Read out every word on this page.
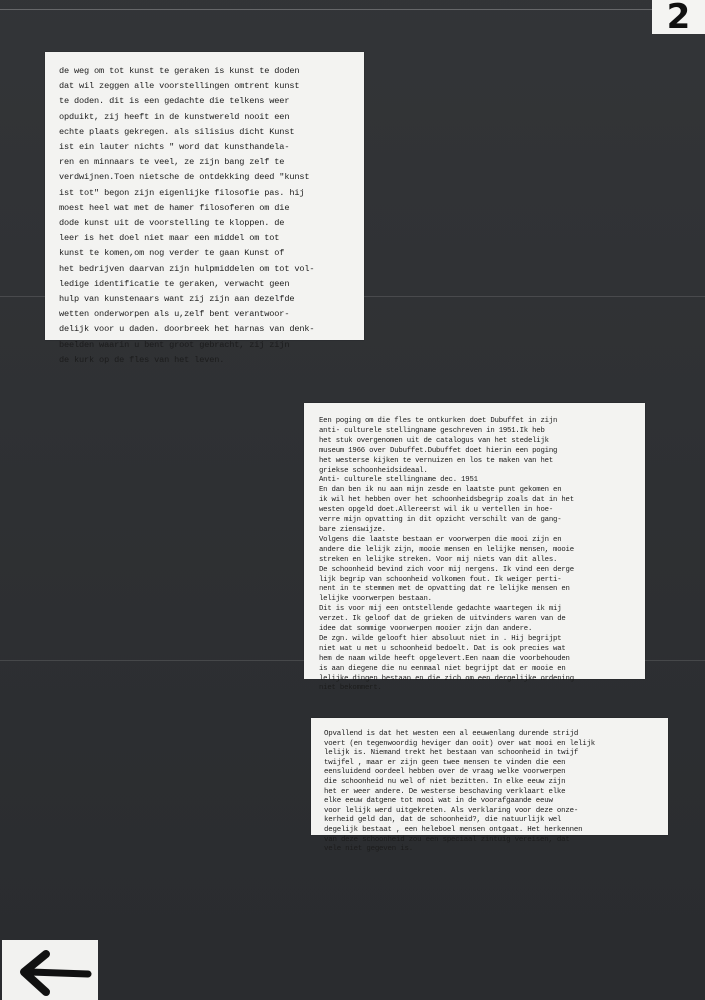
2

de weg om tot kunst te geraken is kunst te doden
dat wil zeggen alle voorstellingen omtrent kunst
te doden. dit is een gedachte die telkens weer
opduikt, zij heeft in de kunstwereld nooit een
echte plaats gekregen. als silisius dicht Kunst
ist ein lauter nichts " word dat kunsthandela-
ren en minnaars te veel, ze zijn bang zelf te
verdwijnen.Toen nietsche de ontdekking deed "kunst
ist tot" begon zijn eigenlijke filosofie pas. hij
moest heel wat met de hamer filosoferen om die
dode kunst uit de voorstelling te kloppen. de
leer is het doel niet maar een middel om tot
kunst te komen,om nog verder te gaan Kunst of
het bedrijven daarvan zijn hulpmiddelen om tot vol-
ledige identificatie te geraken, verwacht geen
hulp van kunstenaars want zij zijn aan dezelfde
wetten onderworpen als u,zelf bent verantwoor-
delijk voor u daden. doorbreek het harnas van denk-
beelden waarin u bent groot gebracht, zij zijn
de kurk op de fles van het leven.

Een poging om die fles te ontkurken doet Dubuffet in zijn
anti- culturele stellingname geschreven in 1951.Ik heb
het stuk overgenomen uit de catalogus van het stedelijk
museum 1966 over Dubuffet.Dubuffet doet hierin een poging
het westerse kijken te vernuizen en los te maken van het
griekse schoonheidsideaal.
Anti- culturele stellingname dec. 1951
En dan ben ik nu aan mijn zesde en laatste punt gekomen en
ik wil het hebben over het schoonheidsbegrip zoals dat in het
westen opgeld doet.Allereerst wil ik u vertellen in hoe-
verre mijn opvatting in dit opzicht verschilt van de gang-
bare zienswijze.
Volgens die laatste bestaan er voorwerpen die mooi zijn en
andere die lelijk zijn, mooie mensen en lelijke mensen, mooie
streken en lelijke streken. Voor mij niets van dit alles.
De schoonheid bevind zich voor mij nergens. Ik vind een derge
lijk begrip van schoonheid volkomen fout. Ik weiger perti-
nent in te stemmen met de opvatting dat re lelijke mensen en
lelijke voorwerpen bestaan.
Dit is voor mij een ontstellende gedachte waartegen ik mij
verzet. Ik geloof dat de grieken de uitvinders waren van de
idee dat sommige voorwerpen mooier zijn dan andere.
De zgn. wilde gelooft hier absoluut niet in . Hij begrijpt
niet wat u met u schoonheid bedoelt. Dat is ook precies wat
hem de naam wilde heeft opgelevert.Een naam die voorbehouden
is aan diegene die nu eenmaal niet begrijpt dat er mooie en
lelijke dingen bestaan en die zich om een dergelijke ordening
niet bekommert.

Opvallend is dat het westen een al eeuwenlang durende strijd
voert (en tegenwoordig heviger dan ooit) over wat mooi en lelijk
lelijk is. Niemand trekt het bestaan van schoonheid in twijf
twijfel , maar er zijn geen twee mensen te vinden die een
eensluidend oordeel hebben over de vraag welke voorwerpen
die schoonheid nu wel of niet bezitten. In elke eeuw zijn
het er weer andere. De westerse beschaving verklaart elke
elke eeuw datgene tot mooi wat in de voorafgaande eeuw
voor lelijk werd uitgekreten. Als verklaring voor deze onze-
kerheid geld dan, dat de schoonheid?, die natuurlijk wel
degelijk bestaat , een heleboel mensen ontgaat. Het herkennen
van deze schoonheid zou een speciaal zintuig vereisen, dat
vele niet gegeven is.
